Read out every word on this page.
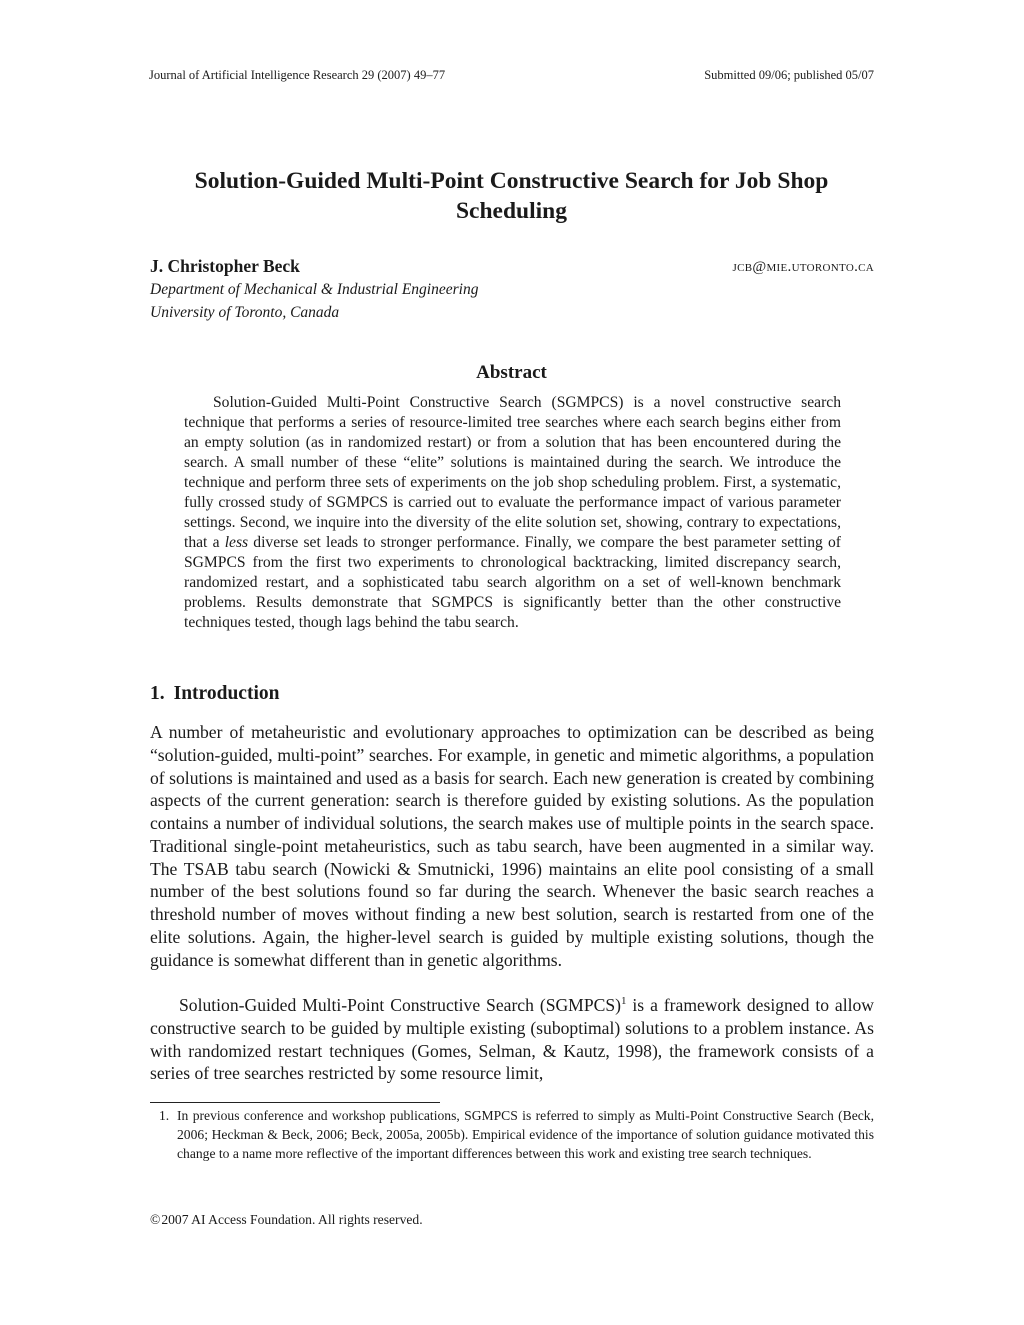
Journal of Artificial Intelligence Research 29 (2007) 49–77	Submitted 09/06; published 05/07
Solution-Guided Multi-Point Constructive Search for Job Shop Scheduling
J. Christopher Beck	jcb@mie.utoronto.ca
Department of Mechanical & Industrial Engineering
University of Toronto, Canada
Abstract

Solution-Guided Multi-Point Constructive Search (SGMPCS) is a novel constructive search technique that performs a series of resource-limited tree searches where each search begins either from an empty solution (as in randomized restart) or from a solution that has been encountered during the search. A small number of these “elite” solutions is maintained during the search. We introduce the technique and perform three sets of experiments on the job shop scheduling problem. First, a systematic, fully crossed study of SGMPCS is carried out to evaluate the performance impact of various parameter settings. Second, we inquire into the diversity of the elite solution set, showing, contrary to expectations, that a less diverse set leads to stronger performance. Finally, we compare the best parameter setting of SGMPCS from the first two experiments to chronological backtracking, limited discrepancy search, randomized restart, and a sophisticated tabu search algorithm on a set of well-known benchmark problems. Results demonstrate that SGMPCS is significantly better than the other constructive techniques tested, though lags behind the tabu search.

1. Introduction

A number of metaheuristic and evolutionary approaches to optimization can be described as being “solution-guided, multi-point” searches. For example, in genetic and mimetic algorithms, a population of solutions is maintained and used as a basis for search. Each new generation is created by combining aspects of the current generation: search is therefore guided by existing solutions. As the population contains a number of individual solutions, the search makes use of multiple points in the search space. Traditional single-point metaheuristics, such as tabu search, have been augmented in a similar way. The TSAB tabu search (Nowicki & Smutnicki, 1996) maintains an elite pool consisting of a small number of the best solutions found so far during the search. Whenever the basic search reaches a threshold number of moves without finding a new best solution, search is restarted from one of the elite solutions. Again, the higher-level search is guided by multiple existing solutions, though the guidance is somewhat different than in genetic algorithms.

Solution-Guided Multi-Point Constructive Search (SGMPCS)$^1$ is a framework designed to allow constructive search to be guided by multiple existing (suboptimal) solutions to a problem instance. As with randomized restart techniques (Gomes, Selman, & Kautz, 1998), the framework consists of a series of tree searches restricted by some resource limit,

1. In previous conference and workshop publications, SGMPCS is referred to simply as Multi-Point Constructive Search (Beck, 2006; Heckman & Beck, 2006; Beck, 2005a, 2005b). Empirical evidence of the importance of solution guidance motivated this change to a name more reflective of the important differences between this work and existing tree search techniques.

©2007 AI Access Foundation. All rights reserved.
